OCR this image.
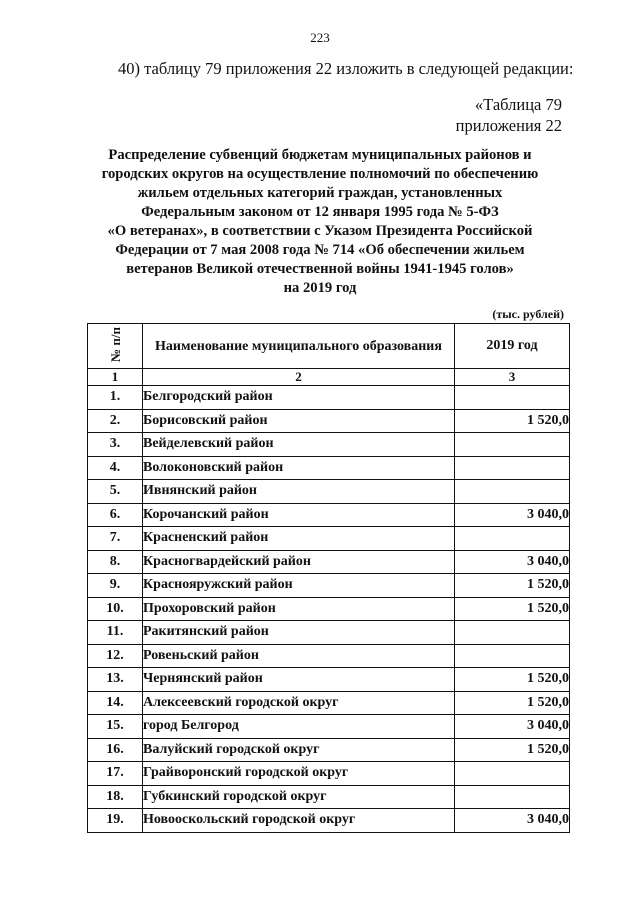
223
40) таблицу 79 приложения 22 изложить в следующей редакции:
«Таблица 79
приложения 22
Распределение субвенций бюджетам муниципальных районов и
городских округов на осуществление полномочий по обеспечению
жильем отдельных категорий граждан, установленных
Федеральным законом от 12 января 1995 года № 5-ФЗ
«О ветеранах», в соответствии с Указом Президента Российской
Федерации от 7 мая 2008 года № 714 «Об обеспечении жильем
ветеранов Великой отечественной войны 1941-1945 голов»
на 2019 год
(тыс. рублей)
№ п/п	Наименование муниципального образования	2019 год
1	2	3
1.	Белгородский район	
2.	Борисовский район	1 520,0
3.	Вейделевский район	
4.	Волоконовский район	
5.	Ивнянский район	
6.	Корочанский район	3 040,0
7.	Красненский район	
8.	Красногвардейский район	3 040,0
9.	Краснояружский район	1 520,0
10.	Прохоровский район	1 520,0
11.	Ракитянский район	
12.	Ровеньский район	
13.	Чернянский район	1 520,0
14.	Алексеевский городской округ	1 520,0
15.	город Белгород	3 040,0
16.	Валуйский городской округ	1 520,0
17.	Грайворонский городской округ	
18.	Губкинский городской округ	
19.	Новооскольский городской округ	3 040,0
